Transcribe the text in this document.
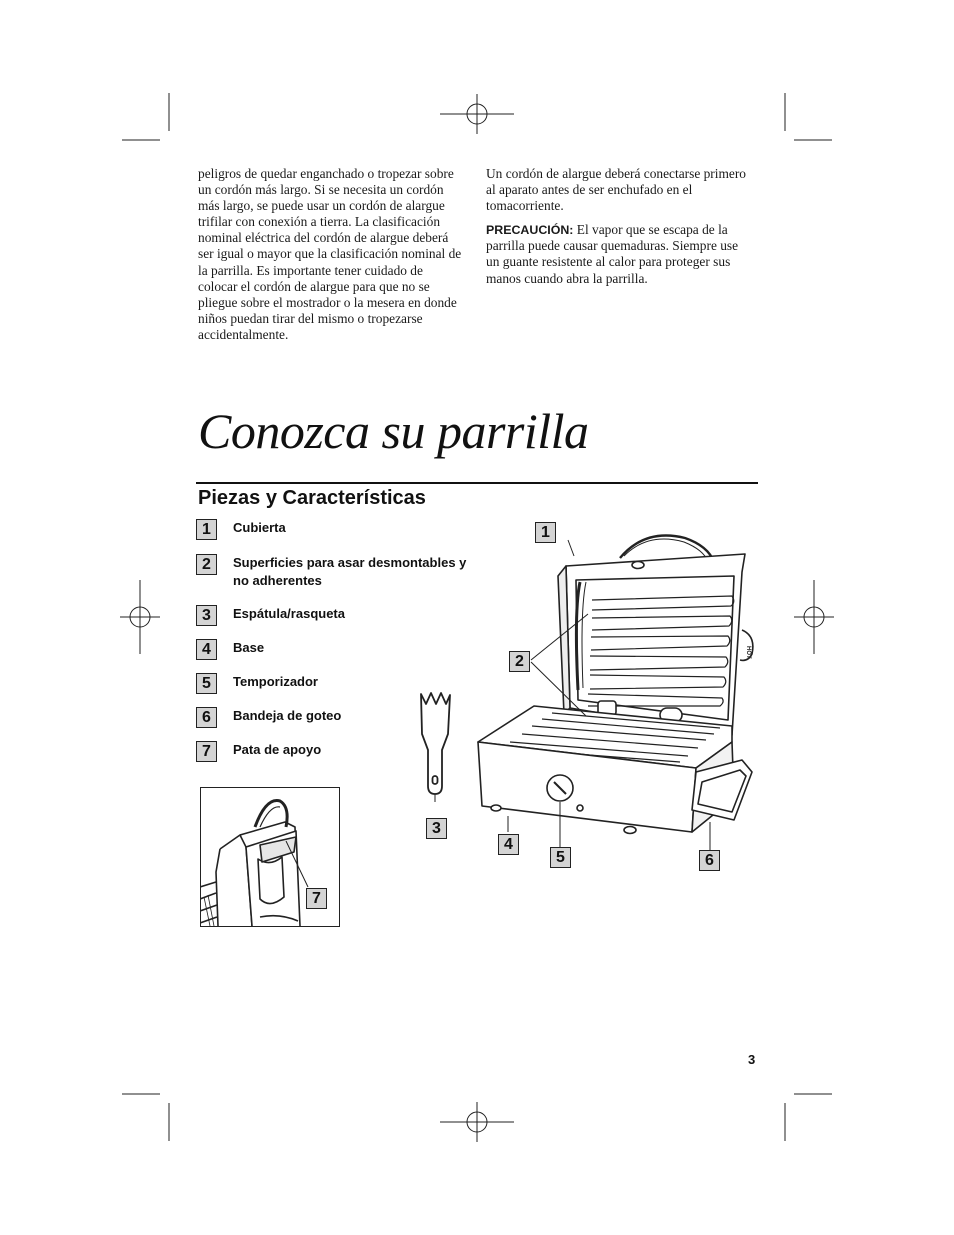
peligros de quedar enganchado o tropezar sobre un cordón más largo. Si se necesita un cordón más largo, se puede usar un cordón de alargue trifilar con conexión a tierra. La clasificación nominal eléctrica del cordón de alargue deberá ser igual o mayor que la clasificación nominal de la parrilla. Es importante tener cuidado de colocar el cordón de alargue para que no se pliegue sobre el mostrador o la mesera en donde niños puedan tirar del mismo o tropezarse accidentalmente.

Un cordón de alargue deberá conectarse primero al aparato antes de ser enchufado en el tomacorriente.

PRECAUCIÓN: El vapor que se escapa de la parrilla puede causar quemaduras. Siempre use un guante resistente al calor para proteger sus manos cuando abra la parrilla.

Conozca su parrilla
Piezas y Características
1	Cubierta
2	Superficies para asar desmontables y no adherentes
3	Espátula/rasqueta
4	Base
5	Temporizador
6	Bandeja de goteo
7	Pata de apoyo
7
3
HOT
1
2
4
5	6
3
